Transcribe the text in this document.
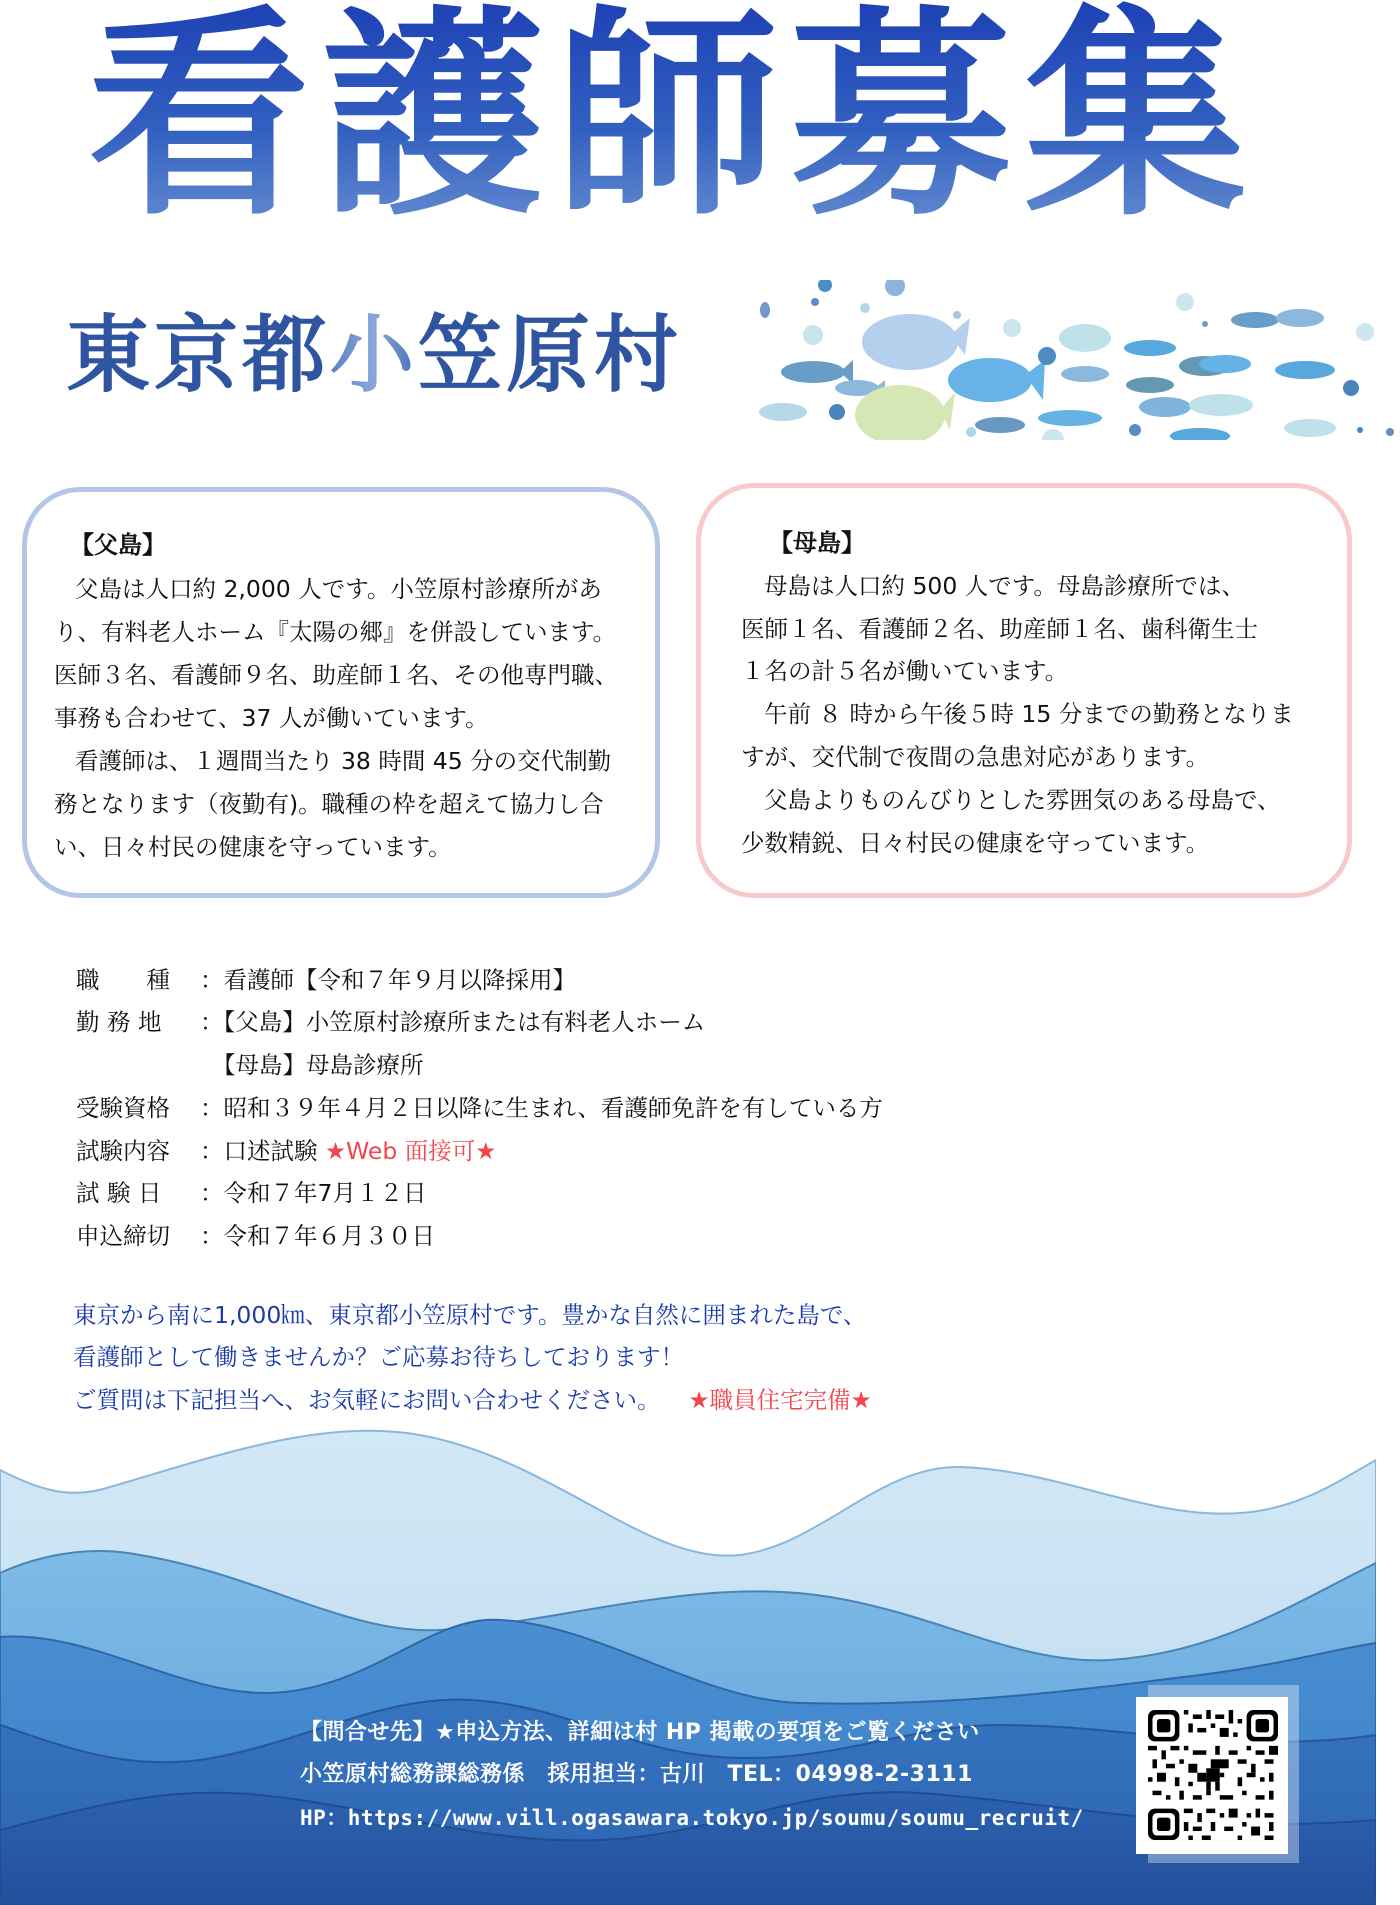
看護師募集
東京都小笠原村
【父島】
父島は人口約 2,000 人です。小笠原村診療所があ
り、有料老人ホーム『太陽の郷』を併設しています。
医師３名、看護師９名、助産師１名、その他専門職、
事務も合わせて、37 人が働いています。
看護師は、１週間当たり 38 時間 45 分の交代制勤
務となります（夜勤有)。職種の枠を超えて協力し合
い、日々村民の健康を守っています。
【母島】
母島は人口約 500 人です。母島診療所では、
医師１名、看護師２名、助産師１名、歯科衛生士
１名の計５名が働いています。
午前 ８ 時から午後５時 15 分までの勤務となりま
すが、交代制で夜間の急患対応があります。
父島よりものんびりとした雰囲気のある母島で、
少数精鋭、日々村民の健康を守っています。
職　　種 ：看護師【令和７年９月以降採用】
勤 務 地 ：【父島】小笠原村診療所または有料老人ホーム
【母島】母島診療所
受験資格 ：昭和３９年４月２日以降に生まれ、看護師免許を有している方
試験内容 ：口述試験 ★Web 面接可★
試 験 日 ：令和７年7月１２日
申込締切 ：令和７年６月３０日
東京から南に1,000㎞、東京都小笠原村です。豊かな自然に囲まれた島で、
看護師として働きませんか？ご応募お待ちしております！
ご質問は下記担当へ、お気軽にお問い合わせください。 ★職員住宅完備★
【問合せ先】★申込方法、詳細は村 HP 掲載の要項をご覧ください
小笠原村総務課総務係　採用担当：古川　TEL：04998-2-3111
HP：https://www.vill.ogasawara.tokyo.jp/soumu/soumu_recruit/
